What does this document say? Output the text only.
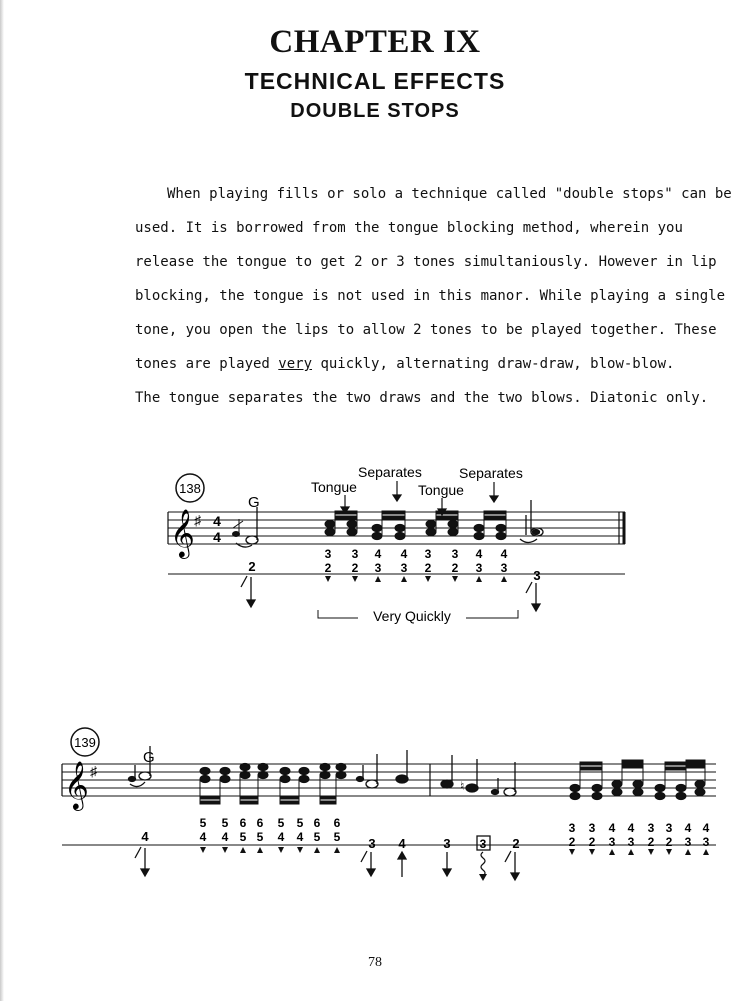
CHAPTER IX
TECHNICAL EFFECTS
DOUBLE STOPS
When playing fills or solo a technique called "double stops" can be
used. It is borrowed from the tongue blocking method, wherein you
release the tongue to get 2 or 3 tones simultaniously. However in lip
blocking, the tongue is not used in this manor. While playing a single
tone, you open the lips to allow 2 tones to be played together. These
tones are played very quickly, alternating draw-draw, blow-blow.
The tongue separates the two draws and the two blows. Diatonic only.
138
G
Separates	Separates
Tongue	Tongue
𝄞 ♯ 4
4
2
3
3 3 4 4 3 3 4 4
2 2 3 3 2 2 3 3
Very Quickly
139
G
𝄞 ♯
♮
4
5 5 6 6 5 5 6 6
4 4 5 5 4 4 5 5 3 4	3 3 2
3 3 4 4 3 3 4 4
2 2 3 3 2 2 3 3
78
